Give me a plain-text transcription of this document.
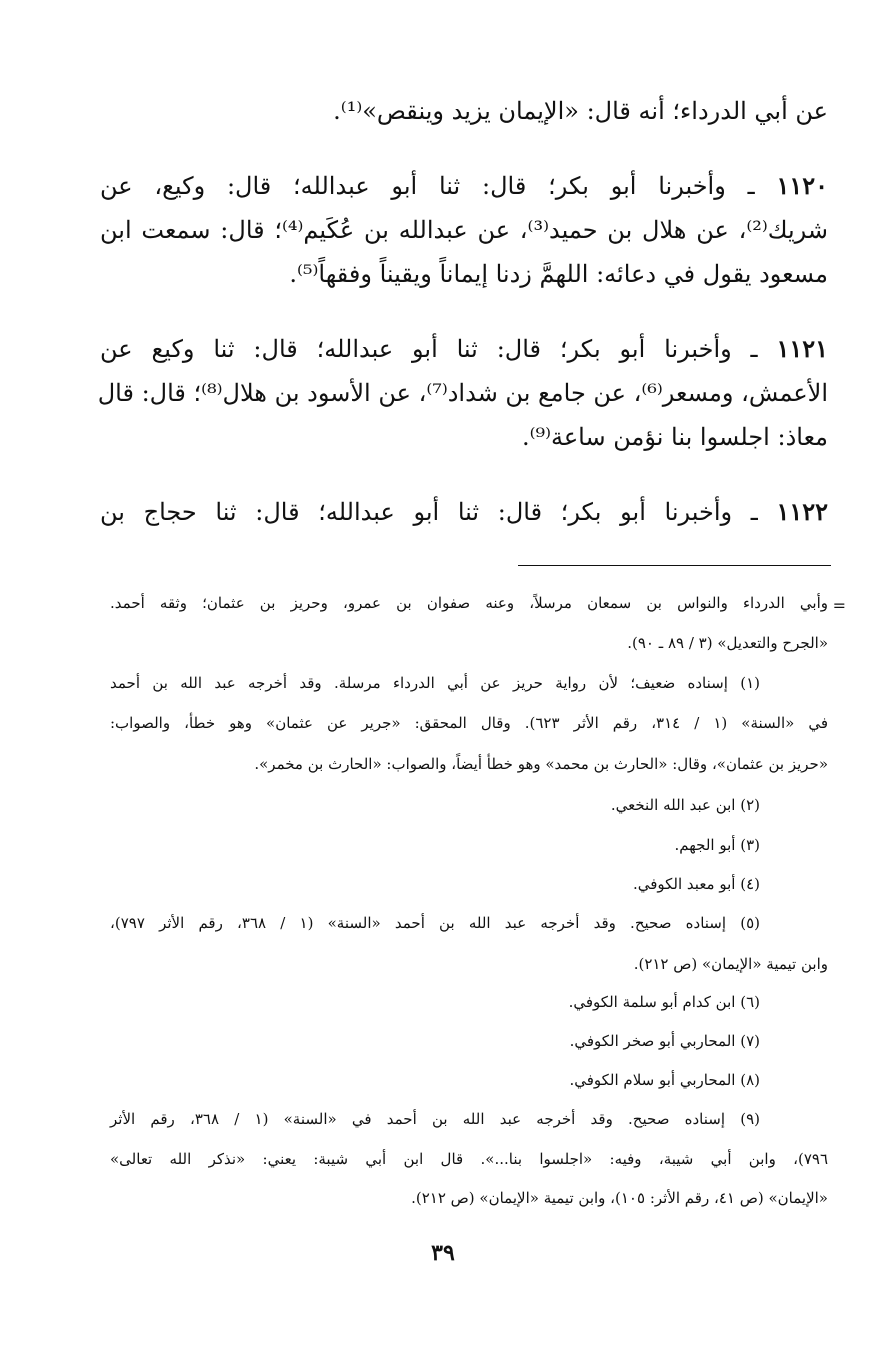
عن أبي الدرداء؛ أنه قال: «الإيمان يزيد وينقص»⁽¹⁾.
١١٢٠ ـ وأخبرنا أبو بكر؛ قال: ثنا أبو عبدالله؛ قال: وكيع، عن
شريك⁽²⁾، عن هلال بن حميد⁽³⁾، عن عبدالله بن عُكَيم⁽⁴⁾؛ قال: سمعت ابن
مسعود يقول في دعائه: اللهمَّ زدنا إيماناً ويقيناً وفقهاً⁽⁵⁾.
١١٢١ ـ وأخبرنا أبو بكر؛ قال: ثنا أبو عبدالله؛ قال: ثنا وكيع عن
الأعمش، ومسعر⁽⁶⁾، عن جامع بن شداد⁽⁷⁾، عن الأسود بن هلال⁽⁸⁾؛ قال: قال
معاذ: اجلسوا بنا نؤمن ساعة⁽⁹⁾.
١١٢٢ ـ وأخبرنا أبو بكر؛ قال: ثنا أبو عبدالله؛ قال: ثنا حجاج بن
=
وأبي الدرداء والنواس بن سمعان مرسلاً، وعنه صفوان بن عمرو، وحريز بن عثمان؛ وثقه أحمد.
«الجرح والتعديل» (٣ / ٨٩ ـ ٩٠).
(١) إسناده ضعيف؛ لأن رواية حريز عن أبي الدرداء مرسلة. وقد أخرجه عبد الله بن أحمد
في «السنة» (١ / ٣١٤، رقم الأثر ٦٢٣). وقال المحقق: «جرير عن عثمان» وهو خطأ، والصواب:
«حريز بن عثمان»، وقال: «الحارث بن محمد» وهو خطأ أيضاً، والصواب: «الحارث بن مخمر».
(٢) ابن عبد الله النخعي.
(٣) أبو الجهم.
(٤) أبو معبد الكوفي.
(٥) إسناده صحيح. وقد أخرجه عبد الله بن أحمد «السنة» (١ / ٣٦٨، رقم الأثر ٧٩٧)،
وابن تيمية «الإيمان» (ص ٢١٢).
(٦) ابن كدام أبو سلمة الكوفي.
(٧) المحاربي أبو صخر الكوفي.
(٨) المحاربي أبو سلام الكوفي.
(٩) إسناده صحيح. وقد أخرجه عبد الله بن أحمد في «السنة» (١ / ٣٦٨، رقم الأثر
٧٩٦)، وابن أبي شيبة، وفيه: «اجلسوا بنا...». قال ابن أبي شيبة: يعني: «نذكر الله تعالى»
«الإيمان» (ص ٤١، رقم الأثر: ١٠٥)، وابن تيمية «الإيمان» (ص ٢١٢).
٣٩
